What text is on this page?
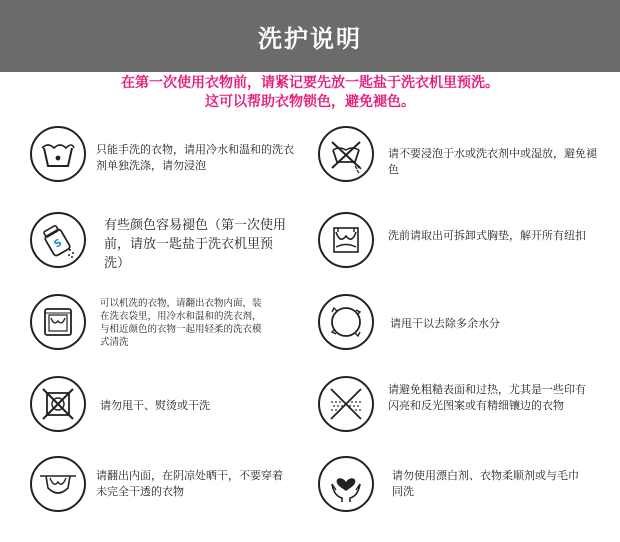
洗护说明
在第一次使用衣物前，请紧记要先放一匙盐于洗衣机里预洗。
这可以帮助衣物锁色，避免褪色。
只能手洗的衣物，请用冷水和温和的洗衣剂单独洗涤，请勿浸泡
请不要浸泡于水或洗衣剂中或湿放，避免褪色
S
有些颜色容易褪色（第一次使用前，请放一匙盐于洗衣机里预洗）
洗前请取出可拆卸式胸垫，解开所有纽扣
可以机洗的衣物，请翻出衣物内面，装在洗衣袋里，用冷水和温和的洗衣剂，与相近颜色的衣物一起用轻柔的洗衣模式清洗
请甩干以去除多余水分
请勿甩干、熨烫或干洗
请避免粗糙表面和过热，尤其是一些印有闪亮和反光图案或有精细镶边的衣物
请翻出内面，在阴凉处晒干，不要穿着未完全干透的衣物
请勿使用漂白剂、衣物柔顺剂或与毛巾同洗
